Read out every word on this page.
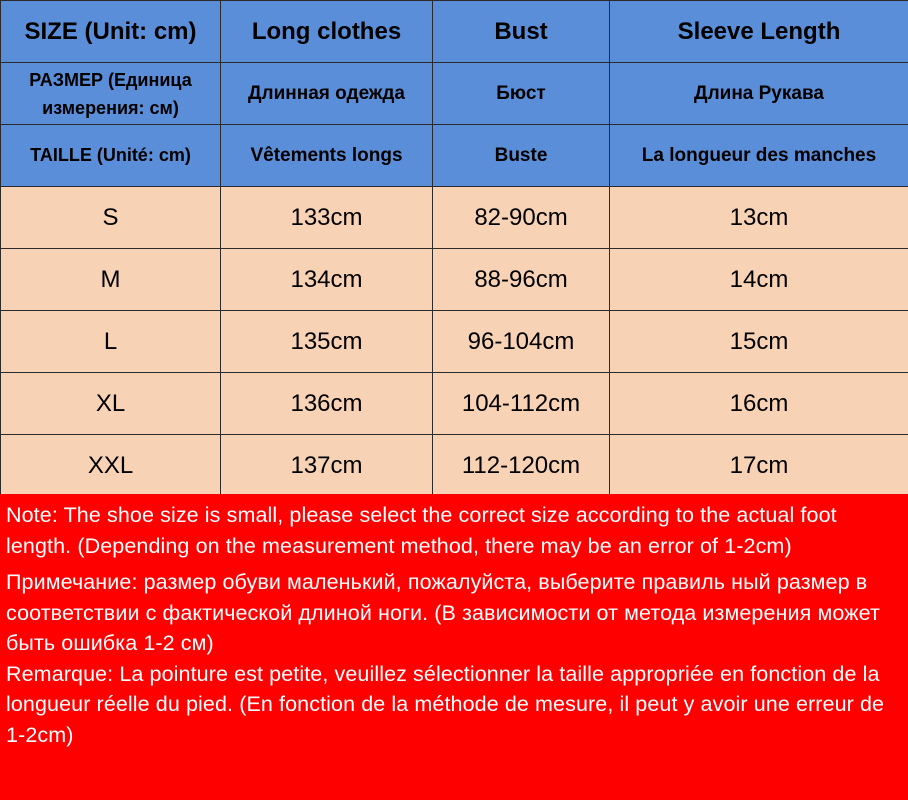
SIZE (Unit: cm)	Long clothes	Bust	Sleeve Length
РАЗМЕР (Единица измерения: см)	Длинная одежда	Бюст	Длина Рукава
TAILLE (Unité: cm)	Vêtements longs	Buste	La longueur des manches
S	133cm	82-90cm	13cm
M	134cm	88-96cm	14cm
L	135cm	96-104cm	15cm
XL	136cm	104-112cm	16cm
XXL	137cm	112-120cm	17cm

Note: The shoe size is small, please select the correct size according to the actual foot length. (Depending on the measurement method, there may be an error of 1-2cm)

Примечание: размер обуви маленький, пожалуйста, выберите правиль ный размер в соответствии с фактической длиной ноги. (В зависимости от метода измерения может быть ошибка 1-2 см)

Remarque: La pointure est petite, veuillez sélectionner la taille appropriée en fonction de la longueur réelle du pied. (En fonction de la méthode de mesure, il peut y avoir une erreur de 1-2cm)
